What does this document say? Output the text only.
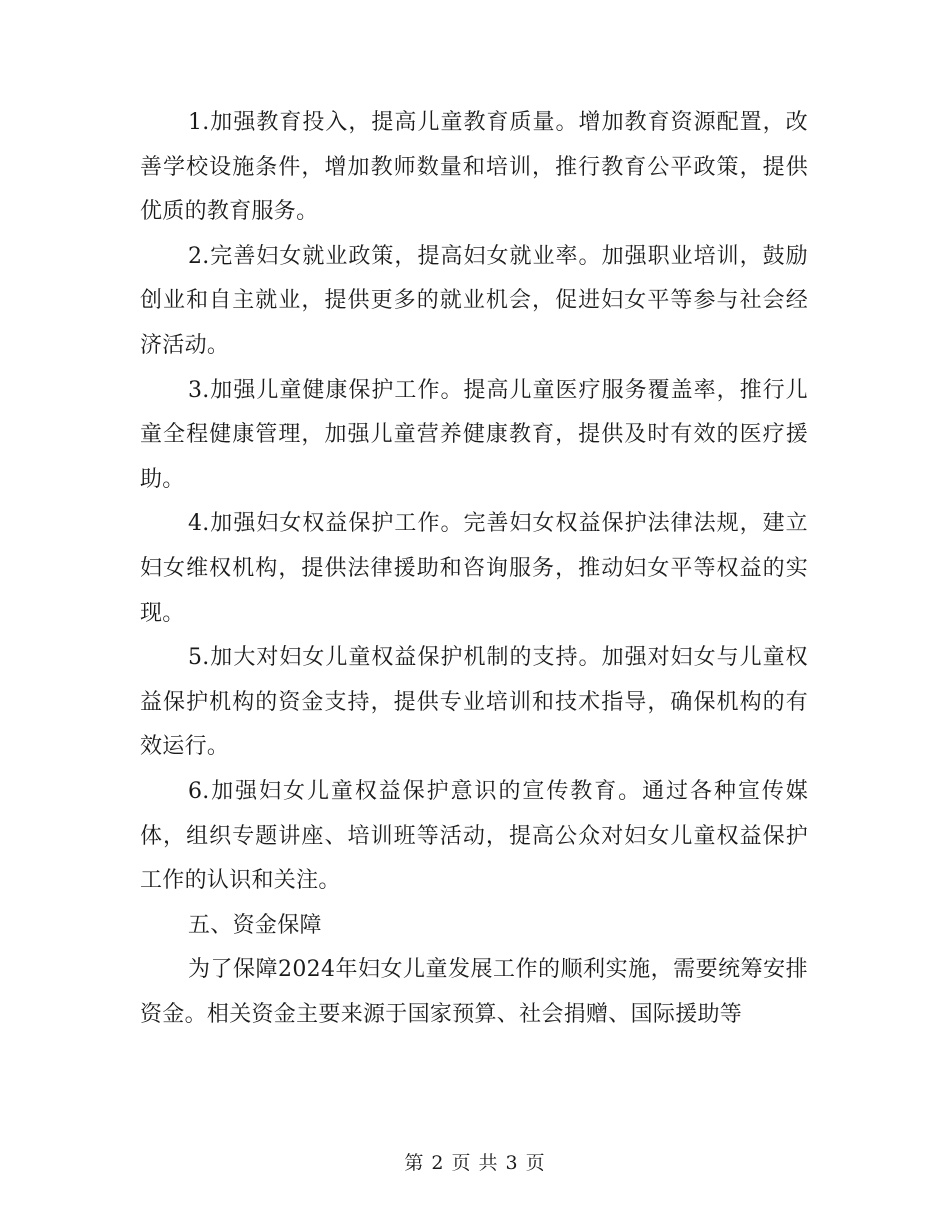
1.加强教育投入，提高儿童教育质量。增加教育资源配置，改善学校设施条件，增加教师数量和培训，推行教育公平政策，提供优质的教育服务。

2.完善妇女就业政策，提高妇女就业率。加强职业培训，鼓励创业和自主就业，提供更多的就业机会，促进妇女平等参与社会经济活动。

3.加强儿童健康保护工作。提高儿童医疗服务覆盖率，推行儿童全程健康管理，加强儿童营养健康教育，提供及时有效的医疗援助。

4.加强妇女权益保护工作。完善妇女权益保护法律法规，建立妇女维权机构，提供法律援助和咨询服务，推动妇女平等权益的实现。

5.加大对妇女儿童权益保护机制的支持。加强对妇女与儿童权益保护机构的资金支持，提供专业培训和技术指导，确保机构的有效运行。

6.加强妇女儿童权益保护意识的宣传教育。通过各种宣传媒体，组织专题讲座、培训班等活动，提高公众对妇女儿童权益保护工作的认识和关注。

五、资金保障

为了保障2024年妇女儿童发展工作的顺利实施，需要统筹安排资金。相关资金主要来源于国家预算、社会捐赠、国际援助等

第 2 页 共 3 页
